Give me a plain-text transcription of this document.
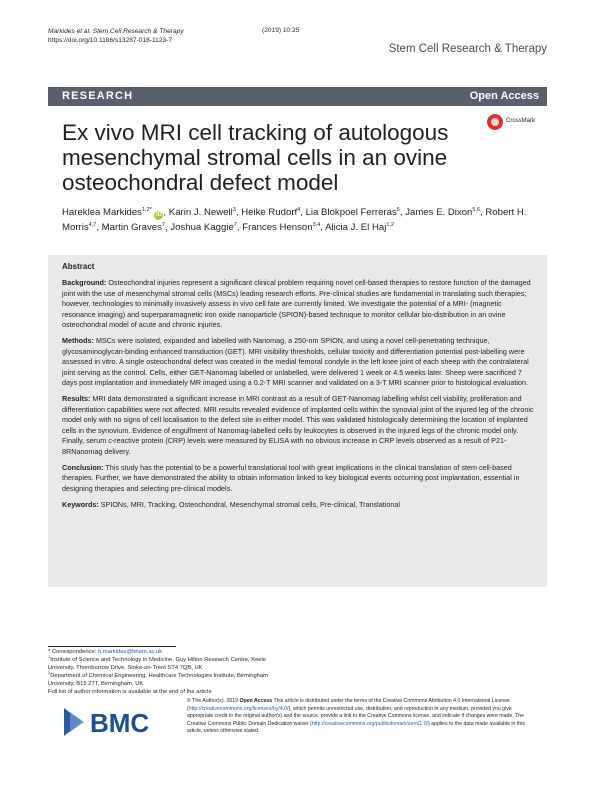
Markides et al. Stem Cell Research & Therapy
https://doi.org/10.1186/s13287-018-1123-7
(2019) 10:25
Stem Cell Research & Therapy
RESEARCH	Open Access
Ex vivo MRI cell tracking of autologous mesenchymal stromal cells in an ovine osteochondral defect model
CrossMark
Hareklea Markides$^{1,2*}$ iD , Karin J. Newell$^3$, Heike Rudorf$^4$, Lia Blokpoel Ferreras$^5$, James E. Dixon$^{5,6}$, Robert H. Morris$^{4,7}$, Martin Graves$^7$, Joshua Kaggie$^7$, Frances Henson$^{3,4}$, Alicia J. El Haj$^{1,2}$
Abstract

Background: Osteochondral injuries represent a significant clinical problem requiring novel cell-based therapies to restore function of the damaged joint with the use of mesenchymal stromal cells (MSCs) leading research efforts. Pre-clinical studies are fundamental in translating such therapies; however, technologies to minimally invasively assess in vivo cell fate are currently limited. We investigate the potential of a MRI- (magnetic resonance imaging) and superparamagnetic iron oxide nanoparticle (SPION)-based technique to monitor cellular bio-distribution in an ovine osteochondral model of acute and chronic injuries.

Methods: MSCs were isolated, expanded and labelled with Nanomag, a 250-nm SPION, and using a novel cell-penetrating technique, glycosaminoglycan-binding enhanced transduction (GET). MRI visibility thresholds, cellular toxicity and differentiation potential post-labelling were assessed in vitro. A single osteochondral defect was created in the medial femoral condyle in the left knee joint of each sheep with the contralateral joint serving as the control. Cells, either GET-Nanomag labelled or unlabelled, were delivered 1 week or 4.5 weeks later. Sheep were sacrificed 7 days post implantation and immediately MR imaged using a 0.2-T MRI scanner and validated on a 3-T MRI scanner prior to histological evaluation.

Results: MRI data demonstrated a significant increase in MRI contrast as a result of GET-Nanomag labelling whilst cell viability, proliferation and differentiation capabilities were not affected. MRI results revealed evidence of implanted cells within the synovial joint of the injured leg of the chronic model only with no signs of cell localisation to the defect site in either model. This was validated histologically determining the location of implanted cells in the synovium. Evidence of engulfment of Nanomag-labelled cells by leukocytes is observed in the injured legs of the chronic model only. Finally, serum c-reactive protein (CRP) levels were measured by ELISA with no obvious increase in CRP levels observed as a result of P21-8RNanomag delivery.

Conclusion: This study has the potential to be a powerful translational tool with great implications in the clinical translation of stem cell-based therapies. Further, we have demonstrated the ability to obtain information linked to key biological events occurring post implantation, essential in designing therapies and selecting pre-clinical models.

Keywords: SPIONs, MRI, Tracking, Osteochondral, Mesenchymal stromal cells, Pre-clinical, Translational

* Correspondence: h.markides@bham.ac.uk
$^1$Institute of Science and Technology in Medicine, Guy Hilton Research Centre, Keele University, Thornburrow Drive, Stoke-on-Trent ST4 7QB, UK
$^2$Department of Chemical Engineering, Healthcare Technologies Institute, Birmingham University, B15 2TT, Birmingham, UK
Full list of author information is available at the end of the article
BMC
© The Author(s). 2019 Open Access This article is distributed under the terms of the Creative Commons Attribution 4.0 International License (http://creativecommons.org/licenses/by/4.0/), which permits unrestricted use, distribution, and reproduction in any medium, provided you give appropriate credit to the original author(s) and the source, provide a link to the Creative Commons license, and indicate if changes were made. The Creative Commons Public Domain Dedication waiver (http://creativecommons.org/publicdomain/zero/1.0/) applies to the data made available in this article, unless otherwise stated.
